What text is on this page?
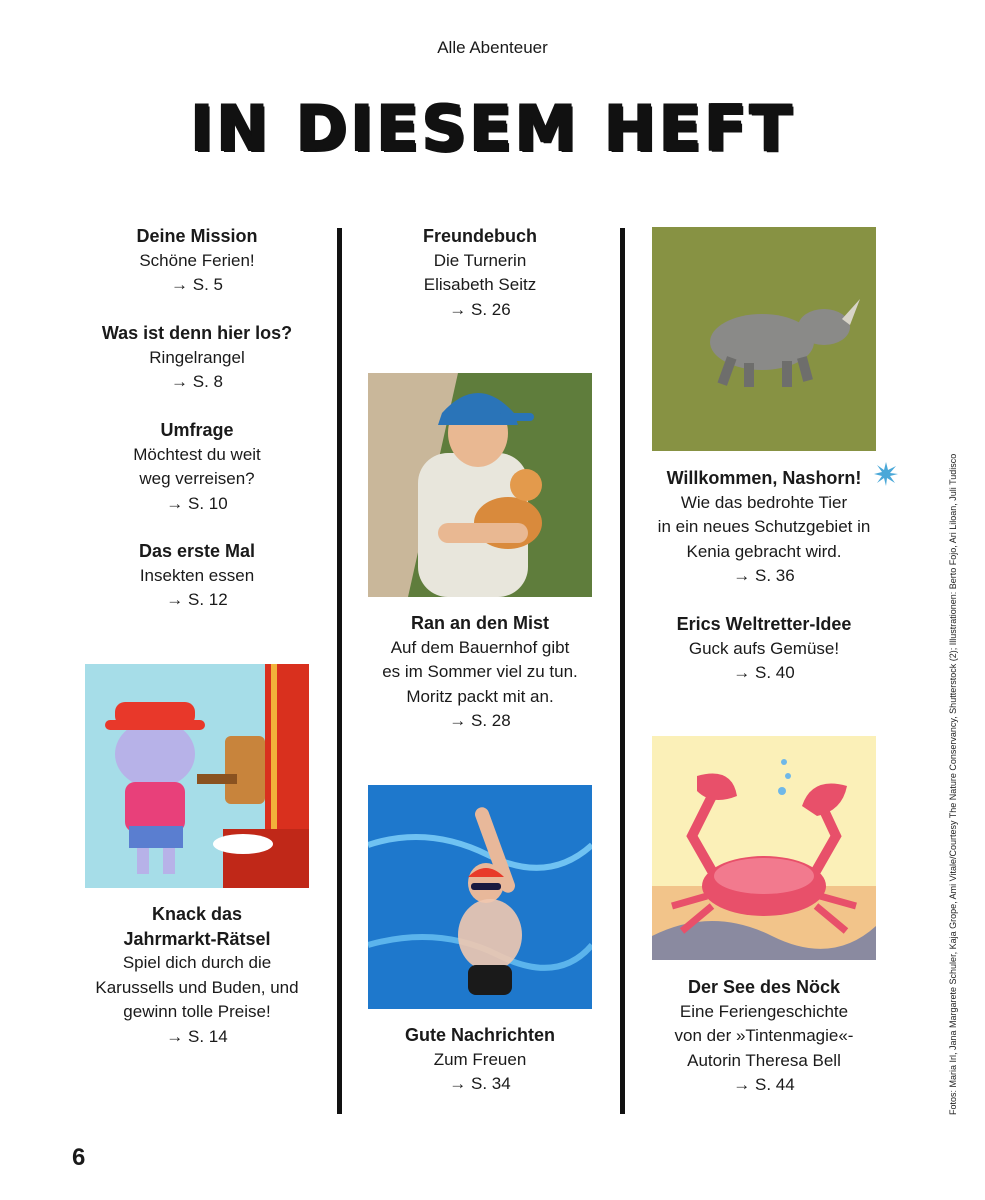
Alle Abenteuer
IN DIESEM HEFT
Deine Mission
Schöne Ferien!
→ S. 5
Was ist denn hier los?
Ringelrangel
→ S. 8
Umfrage
Möchtest du weit
weg verreisen?
→ S. 10
Das erste Mal
Insekten essen
→ S. 12
Knack das
Jahrmarkt-Rätsel
Spiel dich durch die
Karussells und Buden, und
gewinn tolle Preise!
→ S. 14
Freundebuch
Die Turnerin
Elisabeth Seitz
→ S. 26
Ran an den Mist
Auf dem Bauernhof gibt
es im Sommer viel zu tun.
Moritz packt mit an.
→ S. 28
Gute Nachrichten
Zum Freuen
→ S. 34
Willkommen, Nashorn!
Wie das bedrohte Tier
in ein neues Schutzgebiet in
Kenia gebracht wird.
→ S. 36
Erics Weltretter-Idee
Guck aufs Gemüse!
→ S. 40
Der See des Nöck
Eine Feriengeschichte
von der »Tintenmagie«-
Autorin Theresa Bell
→ S. 44
6
Fotos: Maria Irl, Jana Margarete Schuler, Kaja Grope, Ami Vitale/Courtesy The Nature Conservancy, Shutterstock (2); Illustrationen: Berto Fojo, Ari Liloan, Juli Tudisco
